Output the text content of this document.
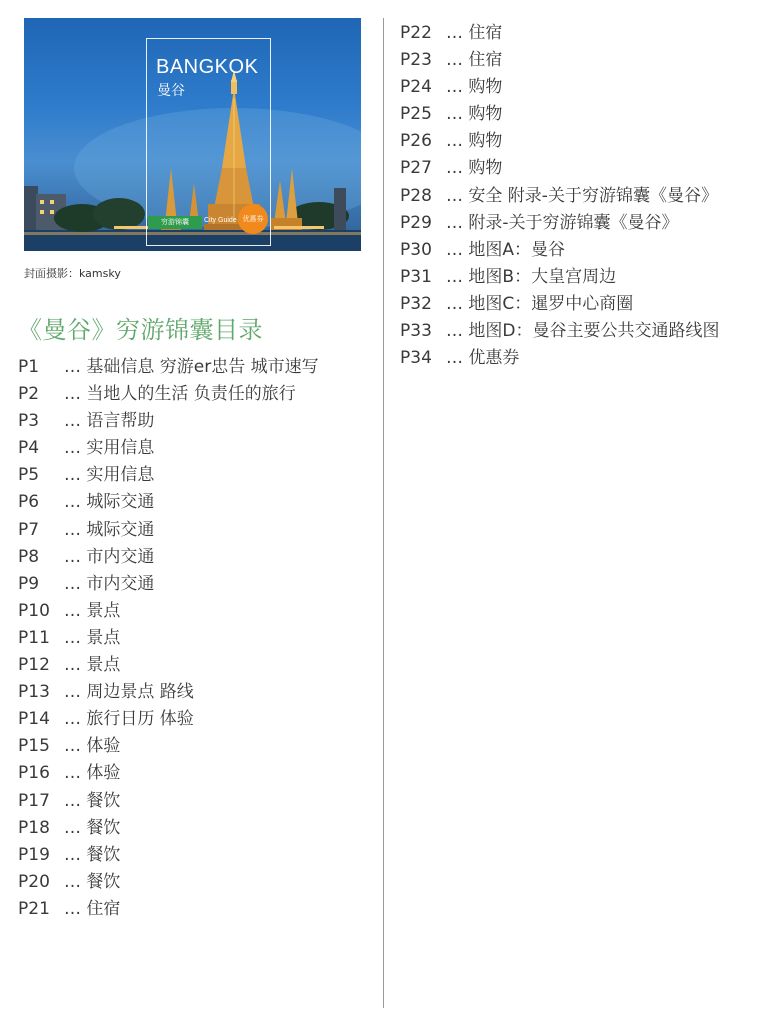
BANGKOK
曼谷
穷游锦囊	City Guide 优惠券
封面摄影：kamsky
《曼谷》穷游锦囊目录
P1 … 基础信息 穷游er忠告 城市速写
P2 … 当地人的生活 负责任的旅行
P3 … 语言帮助
P4 … 实用信息
P5 … 实用信息
P6 … 城际交通
P7 … 城际交通
P8 … 市内交通
P9 … 市内交通
P10 … 景点
P11 … 景点
P12 … 景点
P13 … 周边景点 路线
P14 … 旅行日历 体验
P15 … 体验
P16 … 体验
P17 … 餐饮
P18 … 餐饮
P19 … 餐饮
P20 … 餐饮
P21 … 住宿
P22 … 住宿
P23 … 住宿
P24 … 购物
P25 … 购物
P26 … 购物
P27 … 购物
P28 … 安全 附录-关于穷游锦囊《曼谷》
P29 … 附录-关于穷游锦囊《曼谷》
P30 … 地图A：曼谷
P31 … 地图B：大皇宫周边
P32 … 地图C：暹罗中心商圈
P33 … 地图D：曼谷主要公共交通路线图
P34 … 优惠券
